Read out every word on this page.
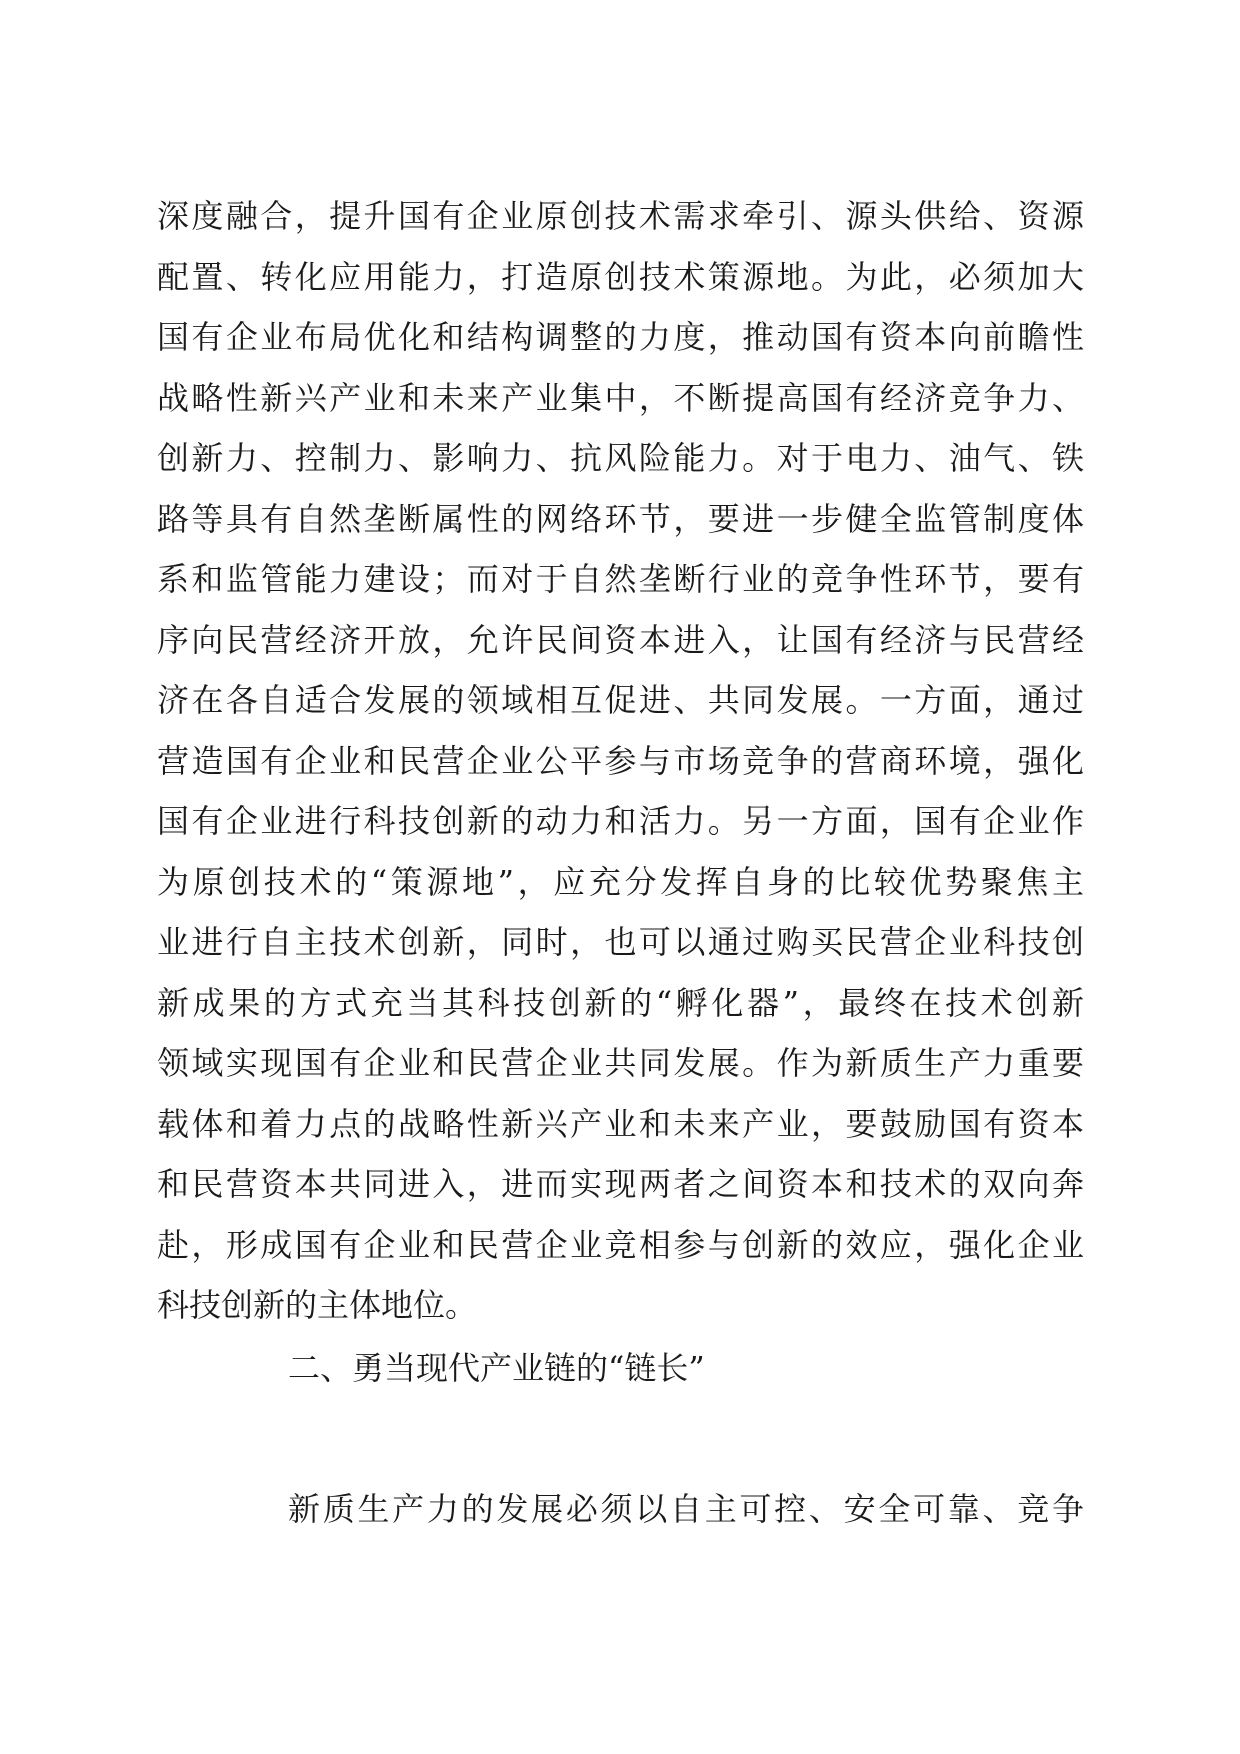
深度融合，提升国有企业原创技术需求牵引、源头供给、资源
配置、转化应用能力，打造原创技术策源地。为此，必须加大
国有企业布局优化和结构调整的力度，推动国有资本向前瞻性
战略性新兴产业和未来产业集中，不断提高国有经济竞争力、
创新力、控制力、影响力、抗风险能力。对于电力、油气、铁
路等具有自然垄断属性的网络环节，要进一步健全监管制度体
系和监管能力建设；而对于自然垄断行业的竞争性环节，要有
序向民营经济开放，允许民间资本进入，让国有经济与民营经
济在各自适合发展的领域相互促进、共同发展。一方面，通过
营造国有企业和民营企业公平参与市场竞争的营商环境，强化
国有企业进行科技创新的动力和活力。另一方面，国有企业作
为原创技术的“策源地”，应充分发挥自身的比较优势聚焦主
业进行自主技术创新，同时，也可以通过购买民营企业科技创
新成果的方式充当其科技创新的“孵化器”，最终在技术创新
领域实现国有企业和民营企业共同发展。作为新质生产力重要
载体和着力点的战略性新兴产业和未来产业，要鼓励国有资本
和民营资本共同进入，进而实现两者之间资本和技术的双向奔
赴，形成国有企业和民营企业竞相参与创新的效应，强化企业
科技创新的主体地位。
二、勇当现代产业链的“链长”
新质生产力的发展必须以自主可控、安全可靠、竞争
